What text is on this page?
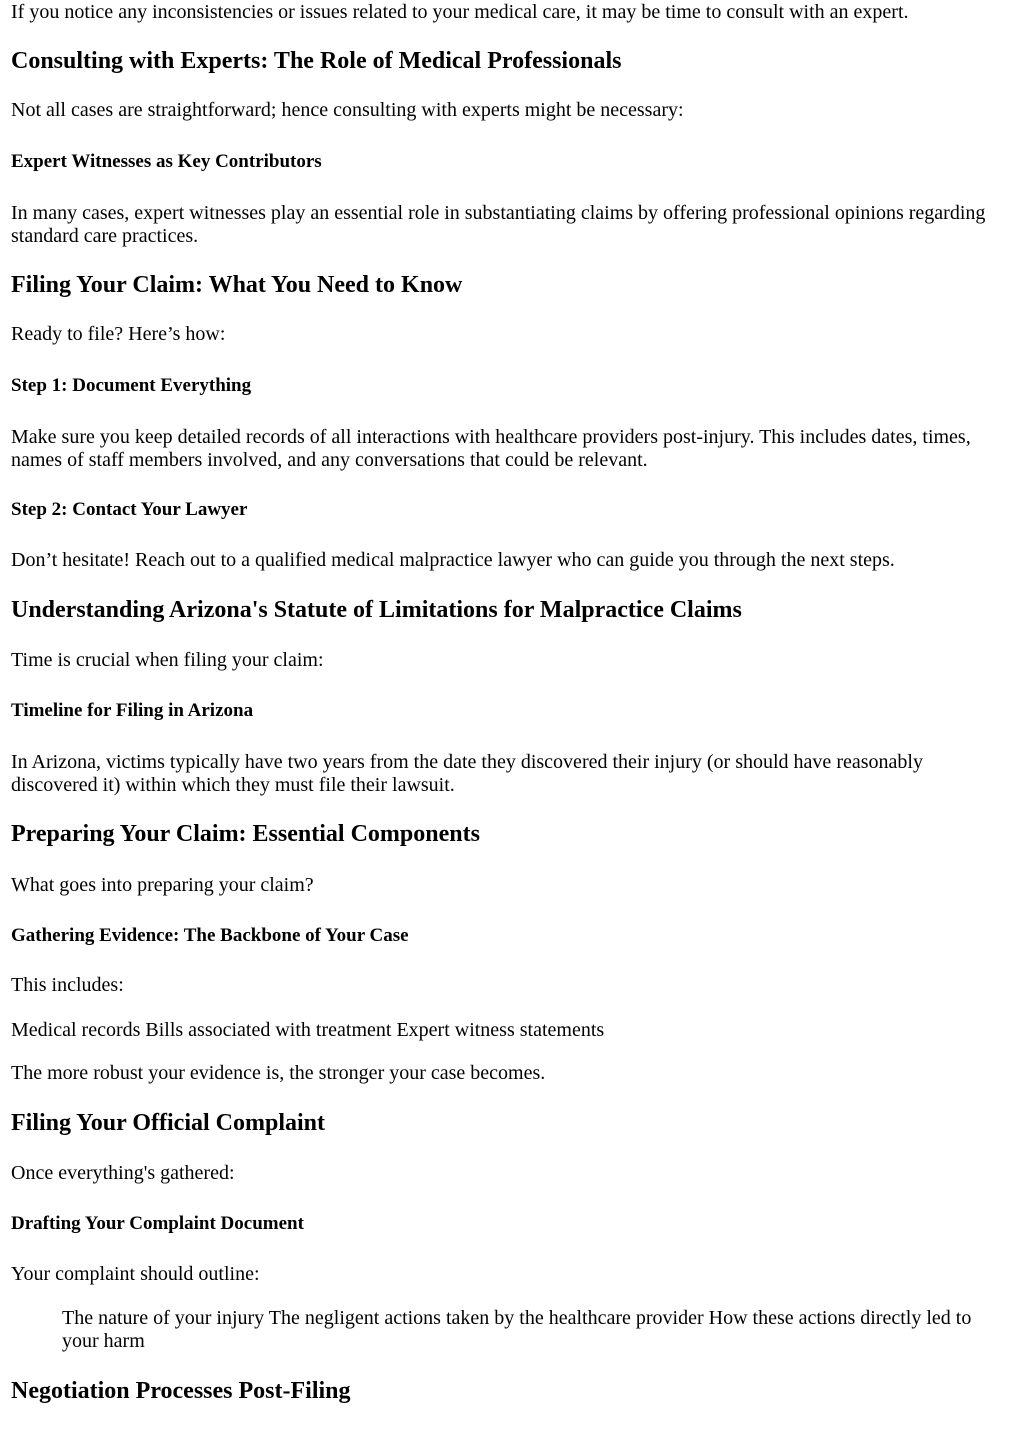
If you notice any inconsistencies or issues related to your medical care, it may be time to consult with an expert.

Consulting with Experts: The Role of Medical Professionals

Not all cases are straightforward; hence consulting with experts might be necessary:

Expert Witnesses as Key Contributors

In many cases, expert witnesses play an essential role in substantiating claims by offering professional opinions regarding standard care practices.

Filing Your Claim: What You Need to Know

Ready to file? Here’s how:

Step 1: Document Everything

Make sure you keep detailed records of all interactions with healthcare providers post-injury. This includes dates, times, names of staff members involved, and any conversations that could be relevant.

Step 2: Contact Your Lawyer

Don’t hesitate! Reach out to a qualified medical malpractice lawyer who can guide you through the next steps.

Understanding Arizona's Statute of Limitations for Malpractice Claims

Time is crucial when filing your claim:

Timeline for Filing in Arizona

In Arizona, victims typically have two years from the date they discovered their injury (or should have reasonably discovered it) within which they must file their lawsuit.

Preparing Your Claim: Essential Components

What goes into preparing your claim?

Gathering Evidence: The Backbone of Your Case

This includes:

Medical records Bills associated with treatment Expert witness statements

The more robust your evidence is, the stronger your case becomes.

Filing Your Official Complaint

Once everything's gathered:

Drafting Your Complaint Document

Your complaint should outline:

The nature of your injury The negligent actions taken by the healthcare provider How these actions directly led to your harm

Negotiation Processes Post-Filing
